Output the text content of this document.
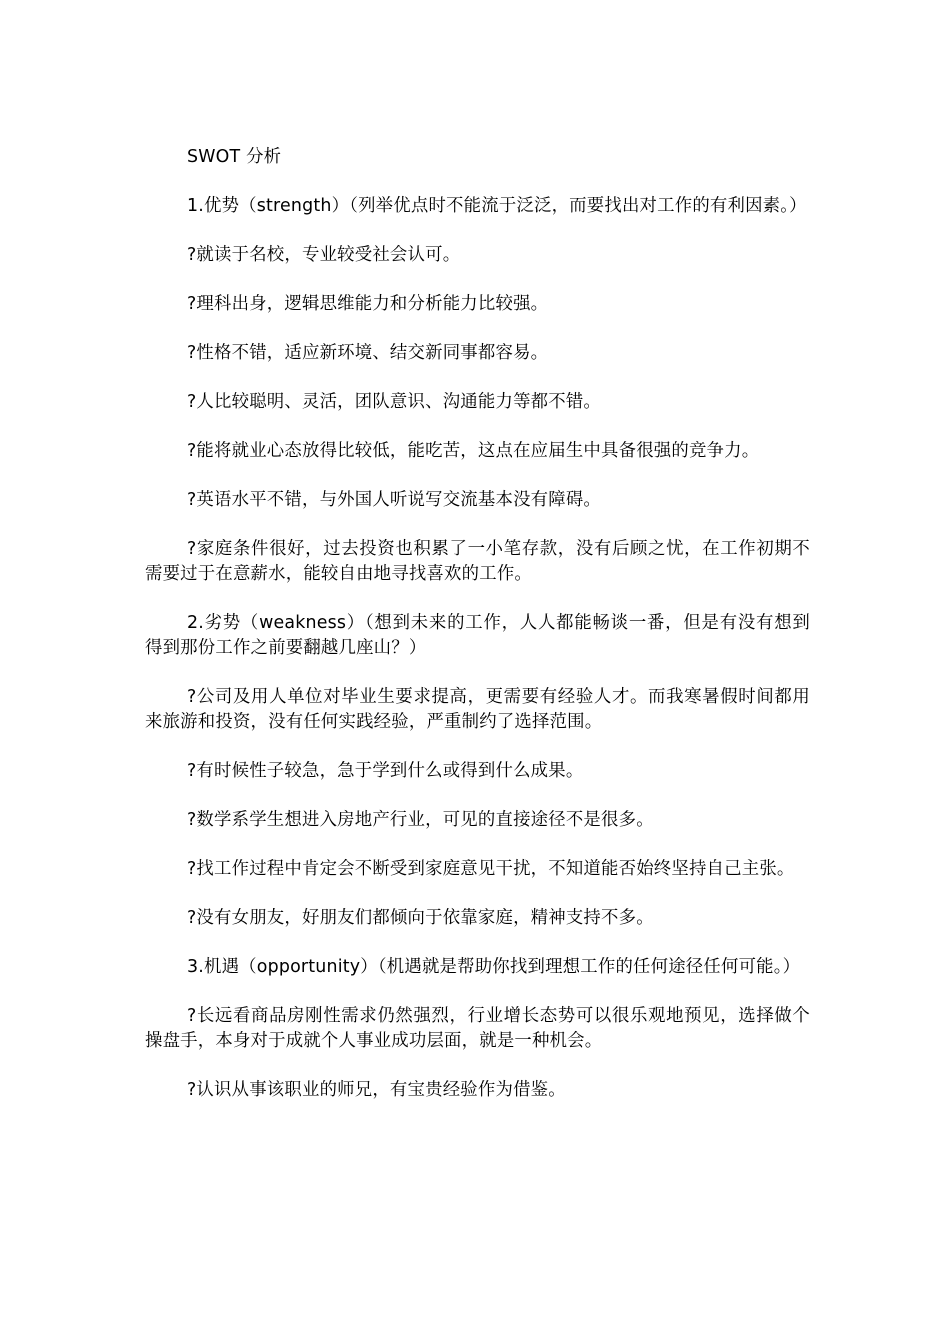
SWOT 分析
1.优势（strength）（列举优点时不能流于泛泛，而要找出对工作的有利因素。）
?就读于名校，专业较受社会认可。
?理科出身，逻辑思维能力和分析能力比较强。
?性格不错，适应新环境、结交新同事都容易。
?人比较聪明、灵活，团队意识、沟通能力等都不错。
?能将就业心态放得比较低，能吃苦，这点在应届生中具备很强的竞争力。
?英语水平不错，与外国人听说写交流基本没有障碍。
?家庭条件很好，过去投资也积累了一小笔存款，没有后顾之忧，在工作初期不需要过于在意薪水，能较自由地寻找喜欢的工作。
2.劣势（weakness）（想到未来的工作，人人都能畅谈一番，但是有没有想到得到那份工作之前要翻越几座山？）
?公司及用人单位对毕业生要求提高，更需要有经验人才。而我寒暑假时间都用来旅游和投资，没有任何实践经验，严重制约了选择范围。
?有时候性子较急，急于学到什么或得到什么成果。
?数学系学生想进入房地产行业，可见的直接途径不是很多。
?找工作过程中肯定会不断受到家庭意见干扰，不知道能否始终坚持自己主张。
?没有女朋友，好朋友们都倾向于依靠家庭，精神支持不多。
3.机遇（opportunity）（机遇就是帮助你找到理想工作的任何途径任何可能。）
?长远看商品房刚性需求仍然强烈，行业增长态势可以很乐观地预见，选择做个操盘手，本身对于成就个人事业成功层面，就是一种机会。
?认识从事该职业的师兄，有宝贵经验作为借鉴。
